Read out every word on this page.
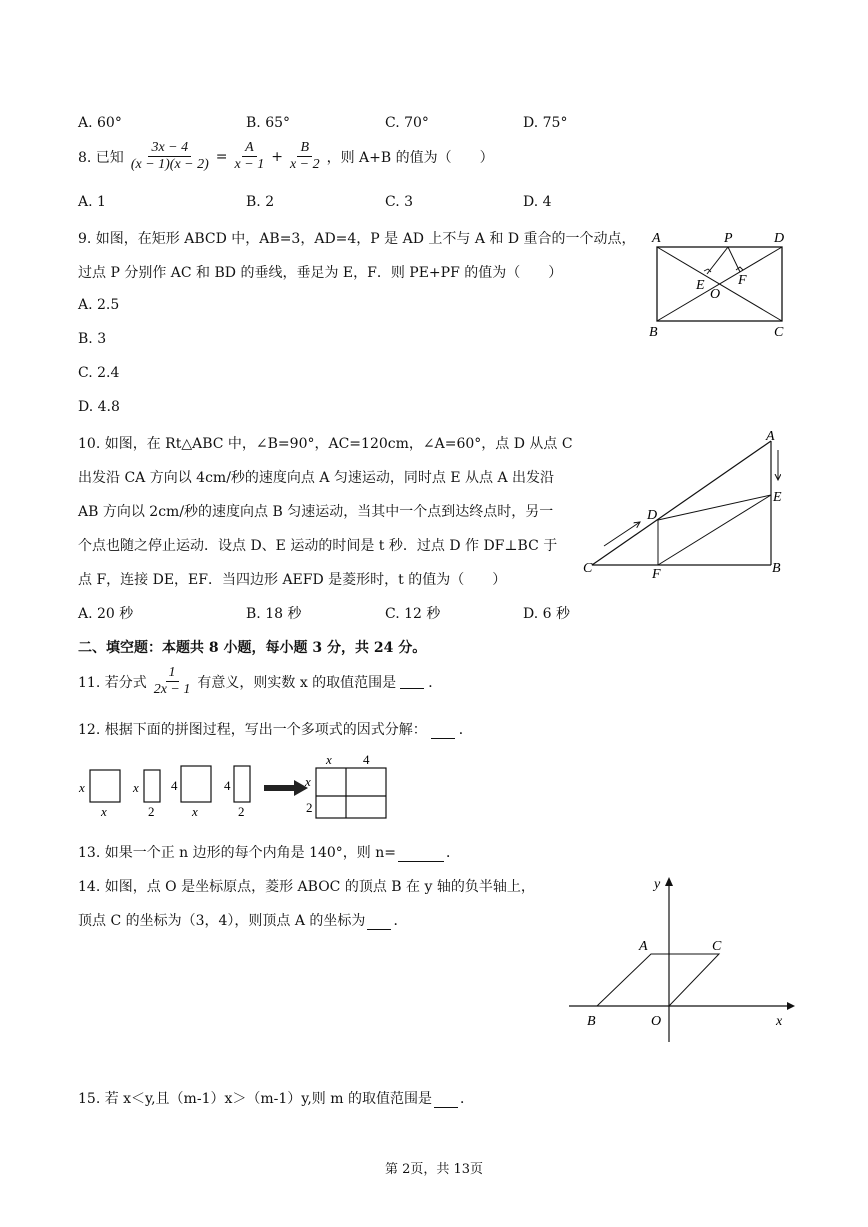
A. 60°	B. 65°	C. 70°	D. 75°
8. 已知 $\frac{3x - 4}{(x - 1)(x - 2)} = \frac{A}{x - 1} + \frac{B}{x - 2}$ ，则 A+B 的值为（　　）
A. 1	B. 2	C. 3	D. 4
9. 如图，在矩形 ABCD 中，AB=3，AD=4，P 是 AD 上不与 A 和 D 重合的一个动点，
过点 P 分别作 AC 和 BD 的垂线，垂足为 E，F．则 PE+PF 的值为（　　）
A. 2.5
B. 3
C. 2.4
D. 4.8
A	P	D
E F
O
B	C
10. 如图，在 Rt△ABC 中，∠B=90°，AC=120cm，∠A=60°，点 D 从点 C
出发沿 CA 方向以 4cm/秒的速度向点 A 匀速运动，同时点 E 从点 A 出发沿
AB 方向以 2cm/秒的速度向点 B 匀速运动，当其中一个点到达终点时，另一
个点也随之停止运动．设点 D、E 运动的时间是 t 秒．过点 D 作 DF⊥BC 于
点 F，连接 DE，EF．当四边形 AEFD 是菱形时，t 的值为（　　）
A. 20 秒	B. 18 秒	C. 12 秒	D. 6 秒
A
E
D
C	F	B
二、填空题：本题共 8 小题，每小题 3 分，共 24 分。
11. 若分式 $\frac{1}{2x - 1}$ 有意义，则实数 x 的取值范围是 ．
12. 根据下面的拼图过程，写出一个多项式的因式分解： ．
x
x
x
2
4
x
4
2
x 4
x
2
13. 如果一个正 n 边形的每个内角是 140°，则 n=	．
14. 如图，点 O 是坐标原点，菱形 ABOC 的顶点 B 在 y 轴的负半轴上，
顶点 C 的坐标为（3，4），则顶点 A 的坐标为 ．
y
x
A	C
B	O
15. 若 x＜y,且（m-1）x＞（m-1）y,则 m 的取值范围是 ．
第 2页，共 13页
